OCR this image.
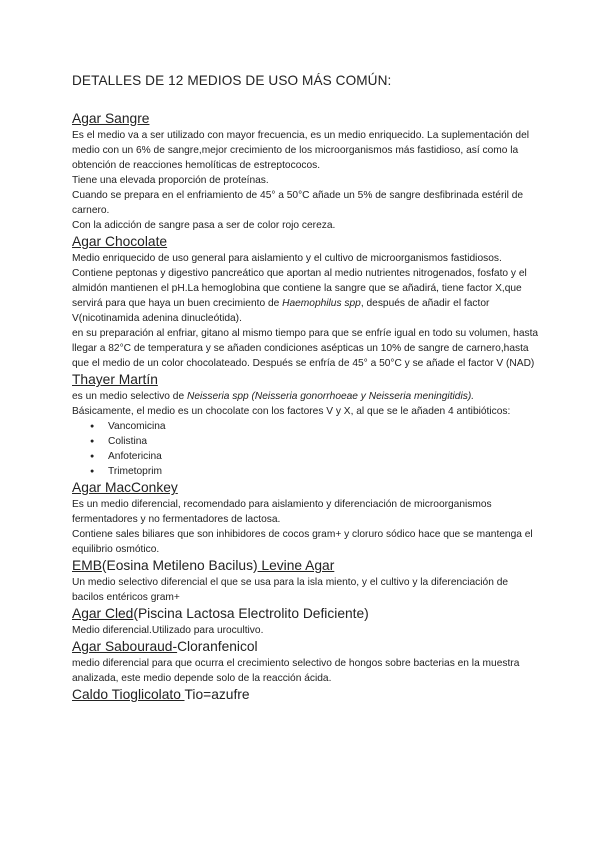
DETALLES DE 12 MEDIOS DE USO MÁS COMÚN:
Agar Sangre

Es el medio va a ser utilizado con mayor frecuencia, es un medio enriquecido. La suplementación del medio con un 6% de sangre,mejor crecimiento de los microorganismos más fastidioso, así como la obtención de reacciones hemolíticas de estreptococos.

Tiene una elevada proporción de proteínas.

Cuando se prepara en el enfriamiento de 45° a 50°C añade un 5% de sangre desfibrinada estéril de carnero.

Con la adicción de sangre pasa a ser de color rojo cereza.

Agar Chocolate

Medio enriquecido de uso general para aislamiento y el cultivo de microorganismos fastidiosos.

Contiene peptonas y digestivo pancreático que aportan al medio nutrientes nitrogenados, fosfato y el almidón mantienen el pH.La hemoglobina que contiene la sangre que se añadirá, tiene factor X,que servirá para que haya un buen crecimiento de Haemophilus spp, después de añadir el factor V(nicotinamida adenina dinucleótida).

en su preparación al enfriar, gitano al mismo tiempo para que se enfríe igual en todo su volumen, hasta llegar a 82°C de temperatura y se añaden condiciones asépticas un 10% de sangre de carnero,hasta que el medio de un color chocolateado. Después se enfría de 45° a 50°C y se añade el factor V (NAD)

Thayer Martín

es un medio selectivo de Neisseria spp (Neisseria gonorrhoeae y Neisseria meningitidis).

Básicamente, el medio es un chocolate con los factores V y X, al que se le añaden 4 antibióticos:

● Vancomicina
● Colistina
● Anfotericina
● Trimetoprim
Agar MacConkey

Es un medio diferencial, recomendado para aislamiento y diferenciación de microorganismos fermentadores y no fermentadores de lactosa.

Contiene sales biliares que son inhibidores de cocos gram+ y cloruro sódico hace que se mantenga el equilibrio osmótico.

EMB(Eosina Metileno Bacilus) Levine Agar

Un medio selectivo diferencial el que se usa para la isla miento, y el cultivo y la diferenciación de bacilos entéricos gram+

Agar Cled(Piscina Lactosa Electrolito Deficiente)

Medio diferencial.Utilizado para urocultivo.

Agar Sabouraud-Cloranfenicol

medio diferencial para que ocurra el crecimiento selectivo de hongos sobre bacterias en la muestra analizada, este medio depende solo de la reacción ácida.

Caldo Tioglicolato Tio=azufre
